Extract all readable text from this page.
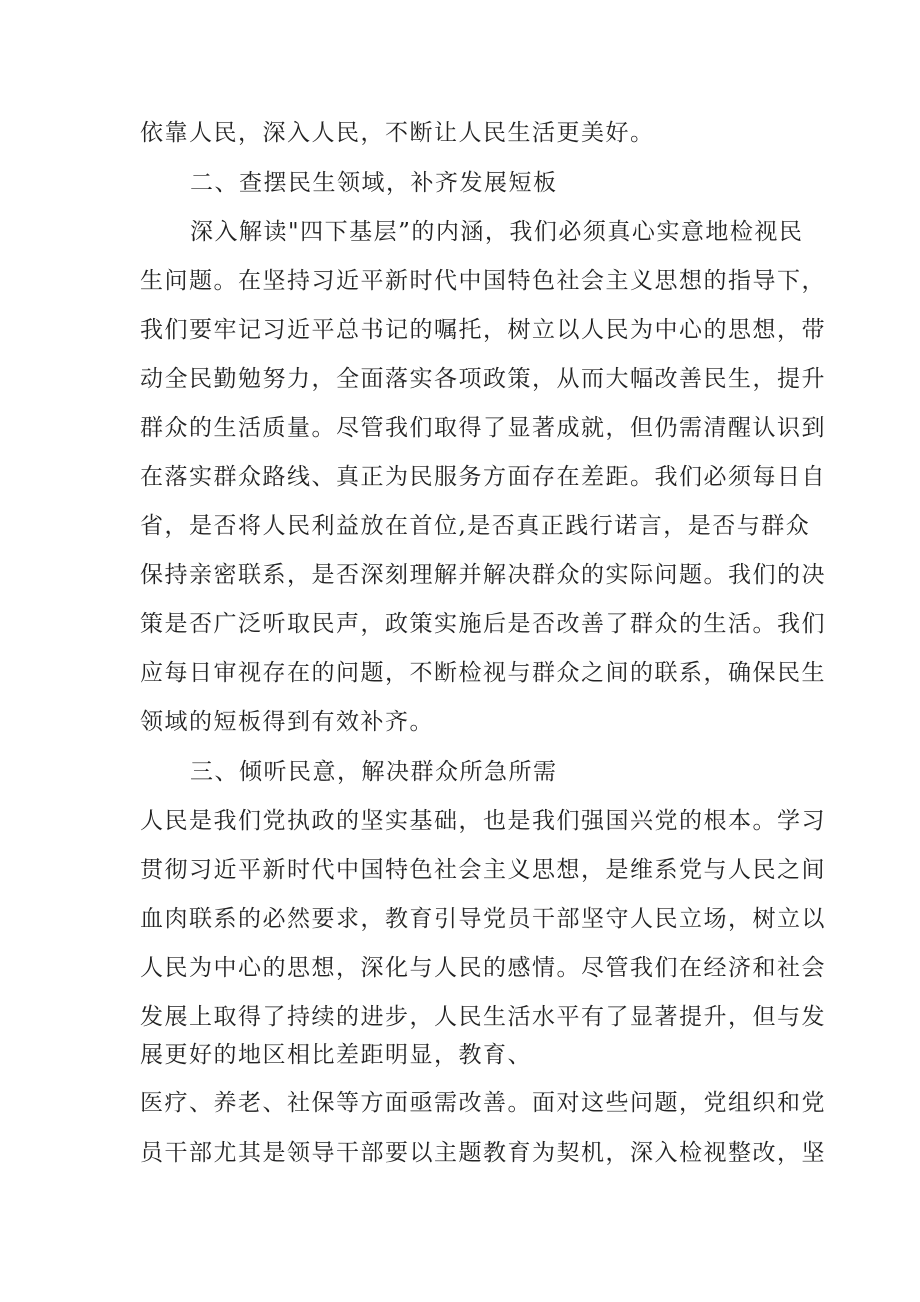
依靠人民，深入人民，不断让人民生活更美好。
二、查摆民生领域，补齐发展短板
深入解读"四下基层”的内涵，我们必须真心实意地检视民
生问题。在坚持习近平新时代中国特色社会主义思想的指导下，
我们要牢记习近平总书记的嘱托，树立以人民为中心的思想，带
动全民勤勉努力，全面落实各项政策，从而大幅改善民生，提升
群众的生活质量。尽管我们取得了显著成就，但仍需清醒认识到
在落实群众路线、真正为民服务方面存在差距。我们必须每日自
省，是否将人民利益放在首位,是否真正践行诺言，是否与群众
保持亲密联系，是否深刻理解并解决群众的实际问题。我们的决
策是否广泛听取民声，政策实施后是否改善了群众的生活。我们
应每日审视存在的问题，不断检视与群众之间的联系，确保民生
领域的短板得到有效补齐。
三、倾听民意，解决群众所急所需
人民是我们党执政的坚实基础，也是我们强国兴党的根本。学习
贯彻习近平新时代中国特色社会主义思想，是维系党与人民之间
血肉联系的必然要求，教育引导党员干部坚守人民立场，树立以
人民为中心的思想，深化与人民的感情。尽管我们在经济和社会
发展上取得了持续的进步，人民生活水平有了显著提升，但与发
展更好的地区相比差距明显，教育、
医疗、养老、社保等方面亟需改善。面对这些问题，党组织和党
员干部尤其是领导干部要以主题教育为契机，深入检视整改，坚
